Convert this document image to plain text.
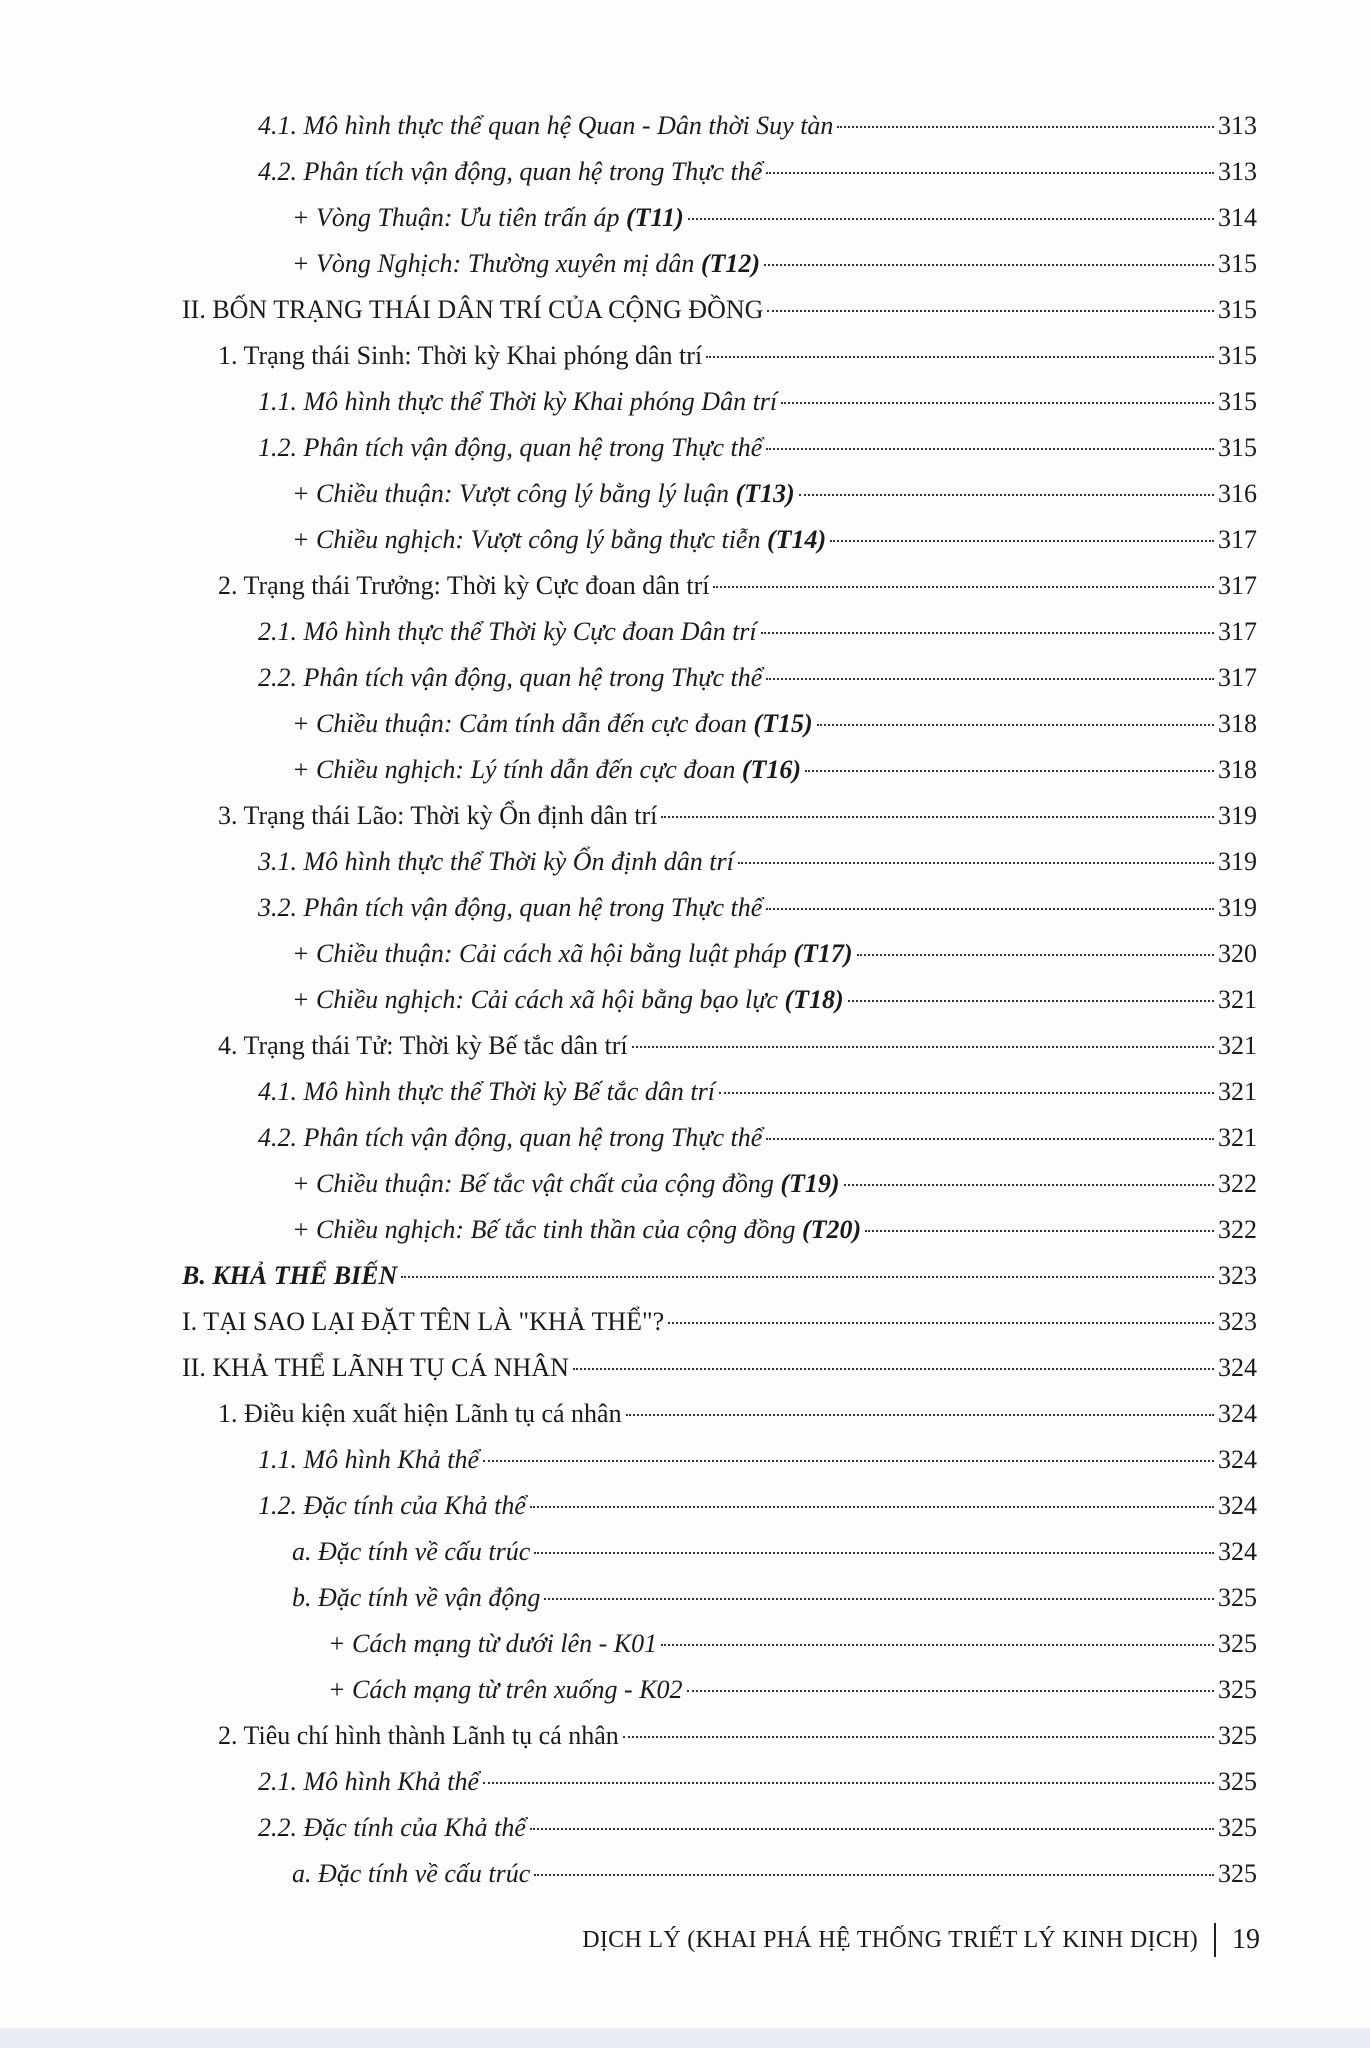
4.1. Mô hình thực thể quan hệ Quan - Dân thời Suy tàn	313
4.2. Phân tích vận động, quan hệ trong Thực thể	313
+ Vòng Thuận: Ưu tiên trấn áp (T11)	314
+ Vòng Nghịch: Thường xuyên mị dân (T12)	315
II. BỐN TRẠNG THÁI DÂN TRÍ CỦA CỘNG ĐỒNG	315
1. Trạng thái Sinh: Thời kỳ Khai phóng dân trí	315
1.1. Mô hình thực thể Thời kỳ Khai phóng Dân trí	315
1.2. Phân tích vận động, quan hệ trong Thực thể	315
+ Chiều thuận: Vượt công lý bằng lý luận (T13)	316
+ Chiều nghịch: Vượt công lý bằng thực tiễn (T14)	317
2. Trạng thái Trưởng: Thời kỳ Cực đoan dân trí	317
2.1. Mô hình thực thể Thời kỳ Cực đoan Dân trí	317
2.2. Phân tích vận động, quan hệ trong Thực thể	317
+ Chiều thuận: Cảm tính dẫn đến cực đoan (T15)	318
+ Chiều nghịch: Lý tính dẫn đến cực đoan (T16)	318
3. Trạng thái Lão: Thời kỳ Ổn định dân trí	319
3.1. Mô hình thực thể Thời kỳ Ổn định dân trí	319
3.2. Phân tích vận động, quan hệ trong Thực thể	319
+ Chiều thuận: Cải cách xã hội bằng luật pháp (T17)	320
+ Chiều nghịch: Cải cách xã hội bằng bạo lực (T18)	321
4. Trạng thái Tử: Thời kỳ Bế tắc dân trí	321
4.1. Mô hình thực thể Thời kỳ Bế tắc dân trí	321
4.2. Phân tích vận động, quan hệ trong Thực thể	321
+ Chiều thuận: Bế tắc vật chất của cộng đồng (T19)	322
+ Chiều nghịch: Bế tắc tinh thần của cộng đồng (T20)	322
B. KHẢ THỂ BIẾN	323
I. TẠI SAO LẠI ĐẶT TÊN LÀ "KHẢ THỂ"?	323
II. KHẢ THỂ LÃNH TỤ CÁ NHÂN	324
1. Điều kiện xuất hiện Lãnh tụ cá nhân	324
1.1. Mô hình Khả thể	324
1.2. Đặc tính của Khả thể	324
a. Đặc tính về cấu trúc	324
b. Đặc tính về vận động	325
+ Cách mạng từ dưới lên - K01	325
+ Cách mạng từ trên xuống - K02	325
2. Tiêu chí hình thành Lãnh tụ cá nhân	325
2.1. Mô hình Khả thể	325
2.2. Đặc tính của Khả thể	325
a. Đặc tính về cấu trúc	325
DỊCH LÝ (KHAI PHÁ HỆ THỐNG TRIẾT LÝ KINH DỊCH) 19
